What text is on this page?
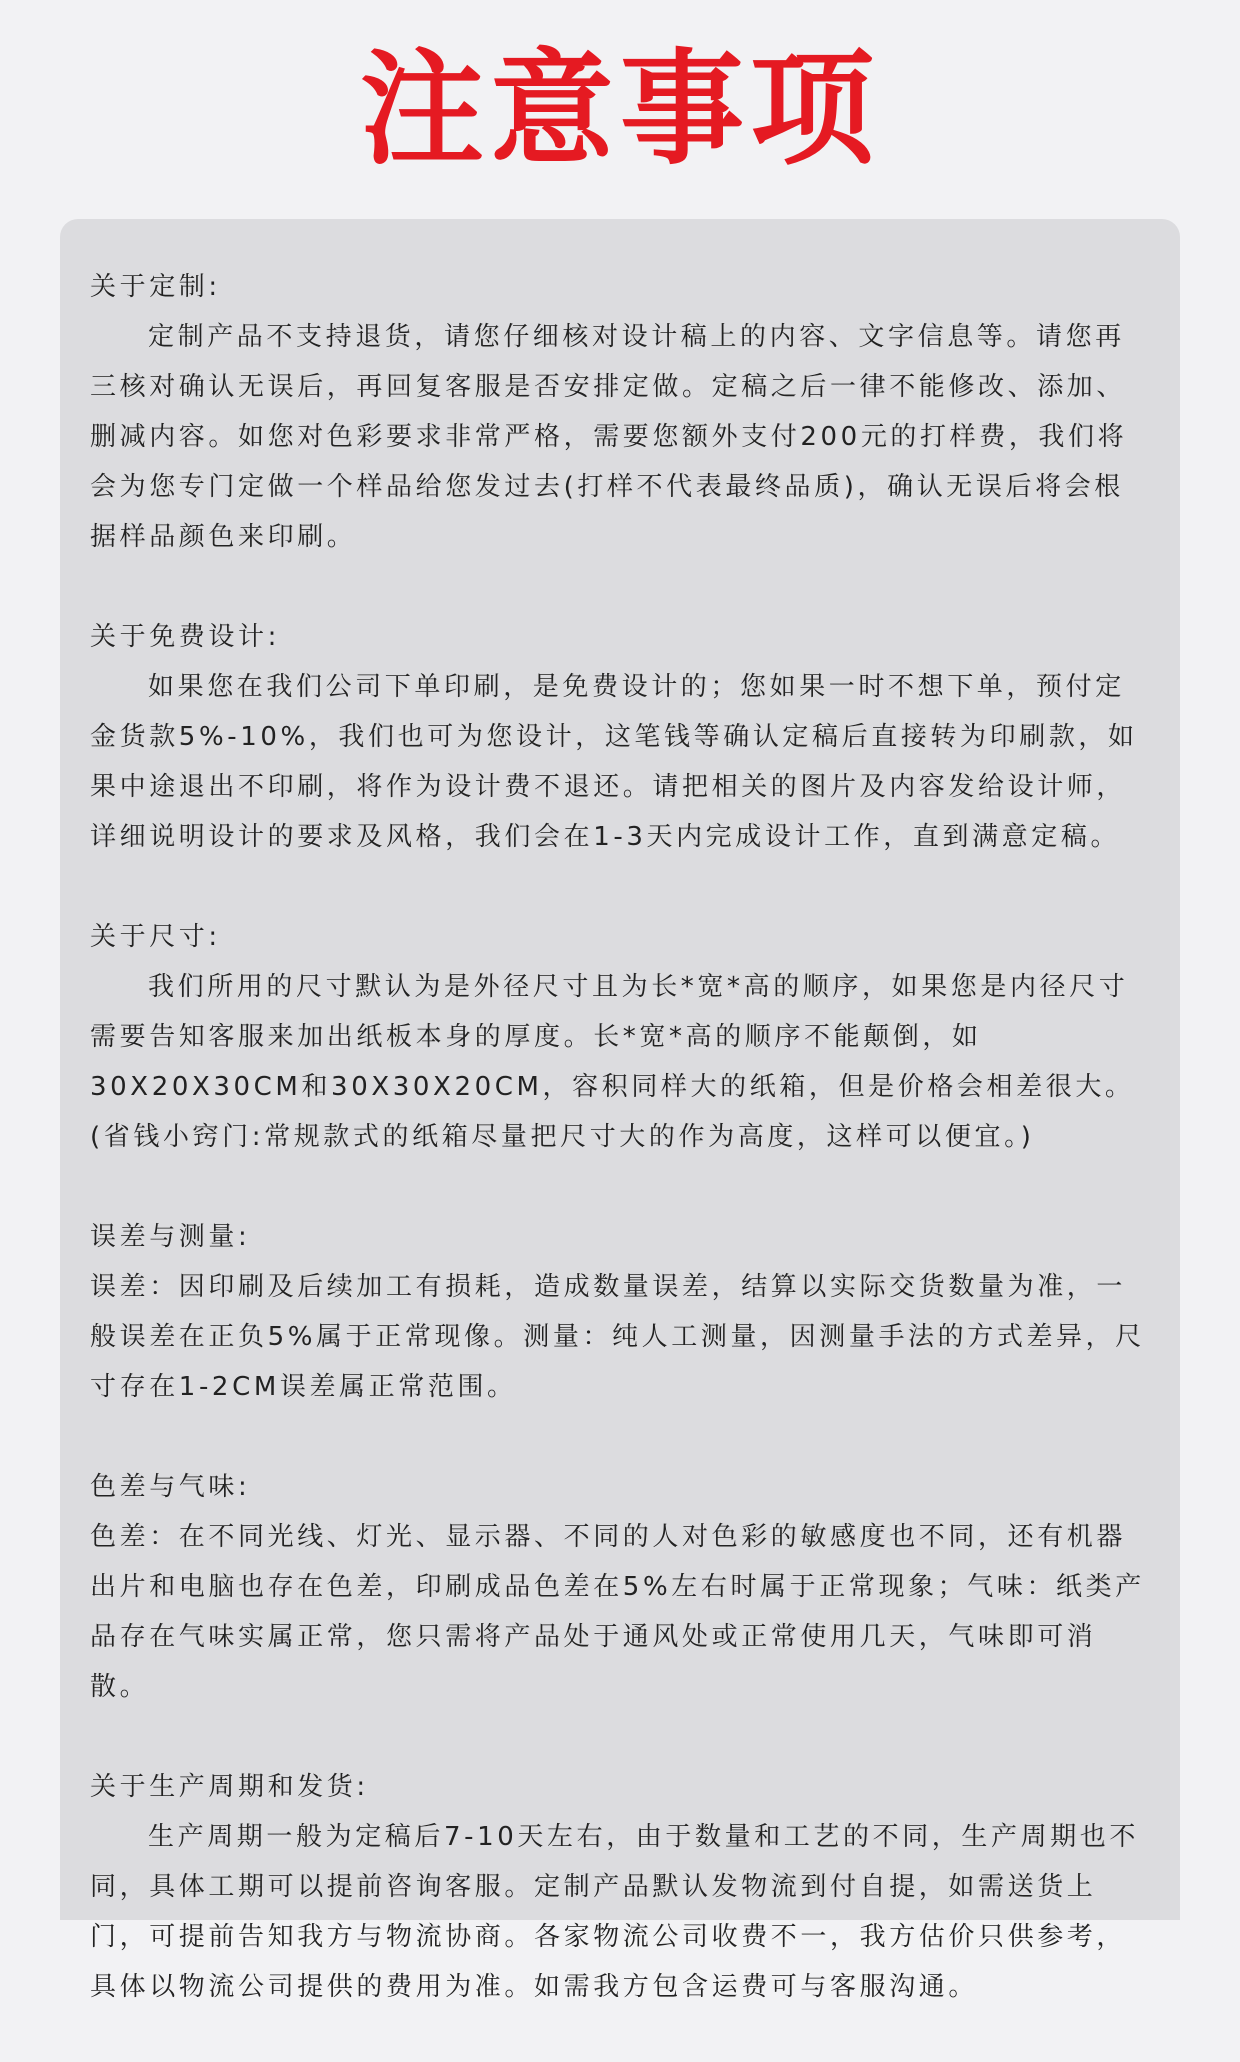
注意事项

关于定制:

定制产品不支持退货，请您仔细核对设计稿上的内容、文字信息等。请您再三核对确认无误后，再回复客服是否安排定做。定稿之后一律不能修改、添加、删减内容。如您对色彩要求非常严格，需要您额外支付200元的打样费，我们将会为您专门定做一个样品给您发过去(打样不代表最终品质)，确认无误后将会根据样品颜色来印刷。

关于免费设计:

如果您在我们公司下单印刷，是免费设计的；您如果一时不想下单，预付定金货款5%-10%，我们也可为您设计，这笔钱等确认定稿后直接转为印刷款，如果中途退出不印刷，将作为设计费不退还。请把相关的图片及内容发给设计师，详细说明设计的要求及风格，我们会在1-3天内完成设计工作，直到满意定稿。

关于尺寸:

我们所用的尺寸默认为是外径尺寸且为长*宽*高的顺序，如果您是内径尺寸需要告知客服来加出纸板本身的厚度。长*宽*高的顺序不能颠倒，如30X20X30CM和30X30X20CM，容积同样大的纸箱，但是价格会相差很大。(省钱小窍门:常规款式的纸箱尽量把尺寸大的作为高度，这样可以便宜。)

误差与测量:

误差：因印刷及后续加工有损耗，造成数量误差，结算以实际交货数量为准，一般误差在正负5%属于正常现像。测量：纯人工测量，因测量手法的方式差异，尺寸存在1-2CM误差属正常范围。

色差与气味:

色差：在不同光线、灯光、显示器、不同的人对色彩的敏感度也不同，还有机器出片和电脑也存在色差，印刷成品色差在5%左右时属于正常现象；气味：纸类产品存在气味实属正常，您只需将产品处于通风处或正常使用几天，气味即可消散。

关于生产周期和发货:

生产周期一般为定稿后7-10天左右，由于数量和工艺的不同，生产周期也不同，具体工期可以提前咨询客服。定制产品默认发物流到付自提，如需送货上门，可提前告知我方与物流协商。各家物流公司收费不一，我方估价只供参考，具体以物流公司提供的费用为准。如需我方包含运费可与客服沟通。
